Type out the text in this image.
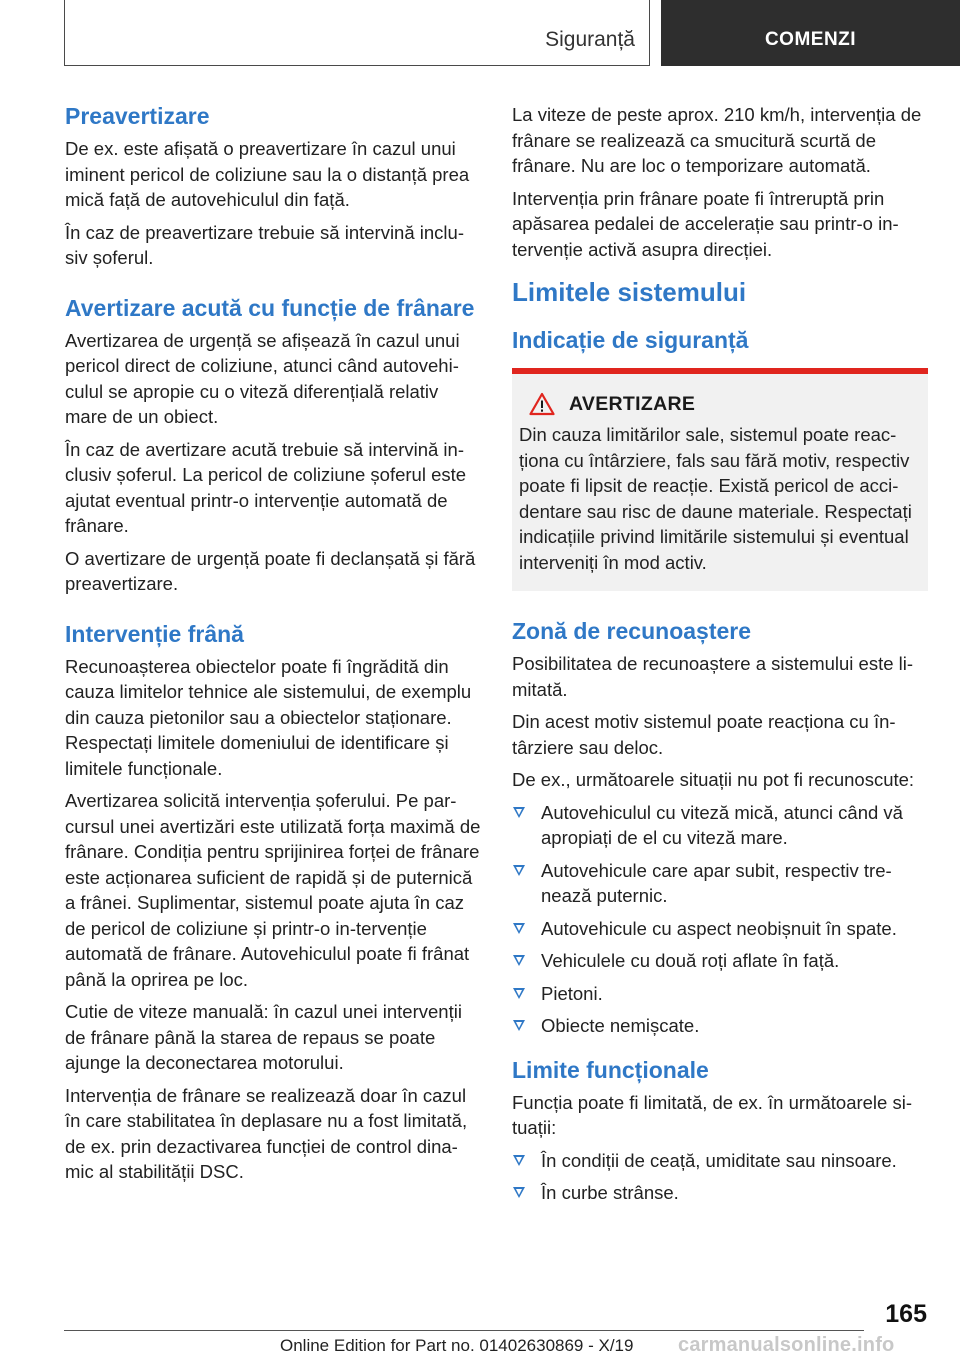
Siguranță	COMENZI
Preavertizare

De ex. este afișată o preavertizare în cazul unui iminent pericol de coliziune sau la o distanță prea mică față de autovehiculul din față.

În caz de preavertizare trebuie să intervină inclu-siv șoferul.

Avertizare acută cu funcție de frânare

Avertizarea de urgență se afișează în cazul unui pericol direct de coliziune, atunci când autovehi-culul se apropie cu o viteză diferențială relativ mare de un obiect.

În caz de avertizare acută trebuie să intervină in-clusiv șoferul. La pericol de coliziune șoferul este ajutat eventual printr-o intervenție automată de frânare.

O avertizare de urgență poate fi declanșată și fără preavertizare.

Intervenție frână

Recunoașterea obiectelor poate fi îngrădită din cauza limitelor tehnice ale sistemului, de exemplu din cauza pietonilor sau a obiectelor staționare. Respectați limitele domeniului de identificare și limitele funcționale.

Avertizarea solicită intervenția șoferului. Pe par-cursul unei avertizări este utilizată forța maximă de frânare. Condiția pentru sprijinirea forței de frânare este acționarea suficient de rapidă și de puternică a frânei. Suplimentar, sistemul poate ajuta în caz de pericol de coliziune și printr-o in-tervenție automată de frânare. Autovehiculul poate fi frânat până la oprirea pe loc.

Cutie de viteze manuală: în cazul unei intervenții de frânare până la starea de repaus se poate ajunge la deconectarea motorului.

Intervenția de frânare se realizează doar în cazul în care stabilitatea în deplasare nu a fost limitată, de ex. prin dezactivarea funcției de control dina-mic al stabilității DSC.

La viteze de peste aprox. 210 km/h, intervenția de frânare se realizează ca smucitură scurtă de frânare. Nu are loc o temporizare automată.

Intervenția prin frânare poate fi întreruptă prin apăsarea pedalei de accelerație sau printr-o in-tervenție activă asupra direcției.

Limitele sistemului
Indicație de siguranță
AVERTIZARE

Din cauza limitărilor sale, sistemul poate reac-ționa cu întârziere, fals sau fără motiv, respectiv poate fi lipsit de reacție. Există pericol de acci-dentare sau risc de daune materiale. Respectați indicațiile privind limitările sistemului și eventual interveniți în mod activ.

Zonă de recunoaștere

Posibilitatea de recunoaștere a sistemului este li-mitată.

Din acest motiv sistemul poate reacționa cu în-târziere sau deloc.

De ex., următoarele situații nu pot fi recunoscute:

Autovehiculul cu viteză mică, atunci când vă apropiați de el cu viteză mare.
Autovehicule care apar subit, respectiv tre-nează puternic.
Autovehicule cu aspect neobișnuit în spate.
Vehiculele cu două roți aflate în față.
Pietoni.
Obiecte nemișcate.
Limite funcționale

Funcția poate fi limitată, de ex. în următoarele si-tuații:

În condiții de ceață, umiditate sau ninsoare.
În curbe strânse.
165
Online Edition for Part no. 01402630869 - X/19 carmanualsonline.info
